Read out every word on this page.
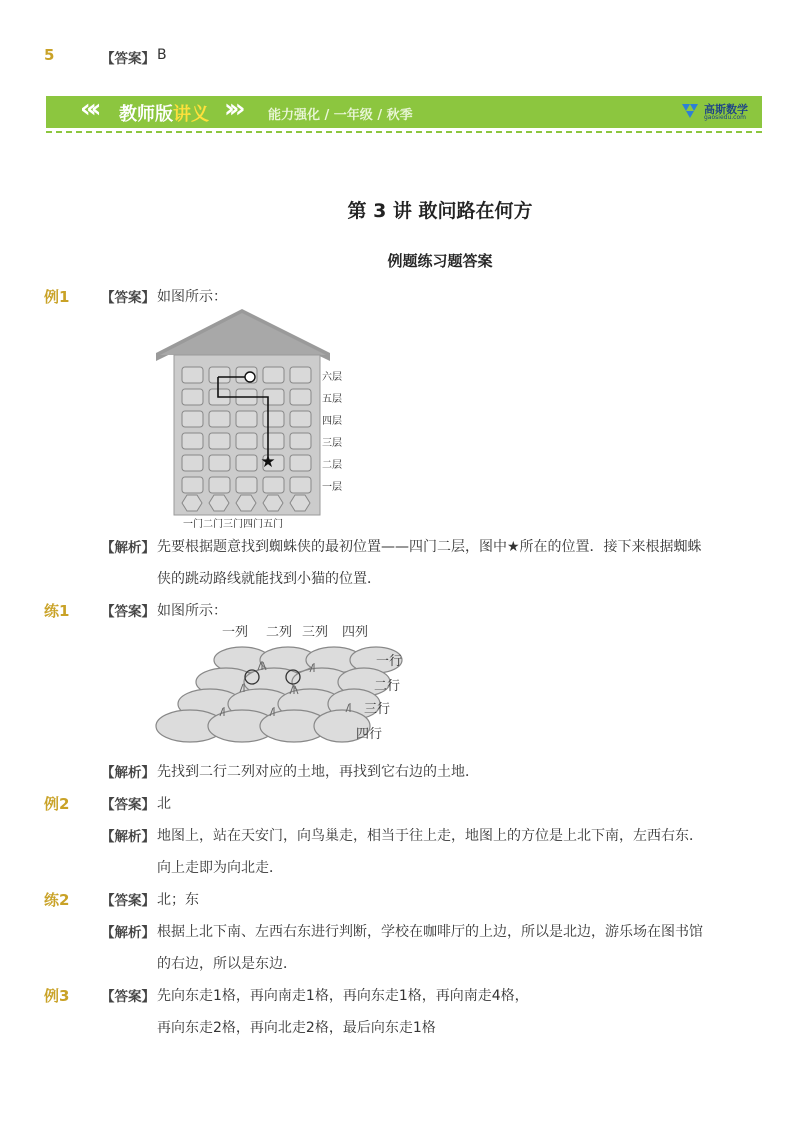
5	【答案】 B
«‹ 教师版讲义 ›» 能力强化 / 一年级 / 秋季	高斯数学
gaosiedu.com
第 3 讲 敢问路在何方
例题练习题答案
例1 【答案】 如图所示：
★
六层
五层
四层
三层
二层
一层
一门二门三门四门五门
【解析】 先要根据题意找到蜘蛛侠的最初位置——四门二层，图中★所在的位置．接下来根据蜘蛛
侠的跳动路线就能找到小猫的位置．
练1 【答案】 如图所示：
一列 二列 三列 四列
一行
二行
三行
四行
【解析】 先找到二行二列对应的土地，再找到它右边的土地．
例2 【答案】 北
【解析】 地图上，站在天安门，向鸟巢走，相当于往上走，地图上的方位是上北下南，左西右东．
向上走即为向北走．
练2 【答案】 北；东
【解析】 根据上北下南、左西右东进行判断，学校在咖啡厅的上边，所以是北边，游乐场在图书馆
的右边，所以是东边．
例3 【答案】 先向东走1格，再向南走1格，再向东走1格，再向南走4格，
再向东走2格，再向北走2格，最后向东走1格
